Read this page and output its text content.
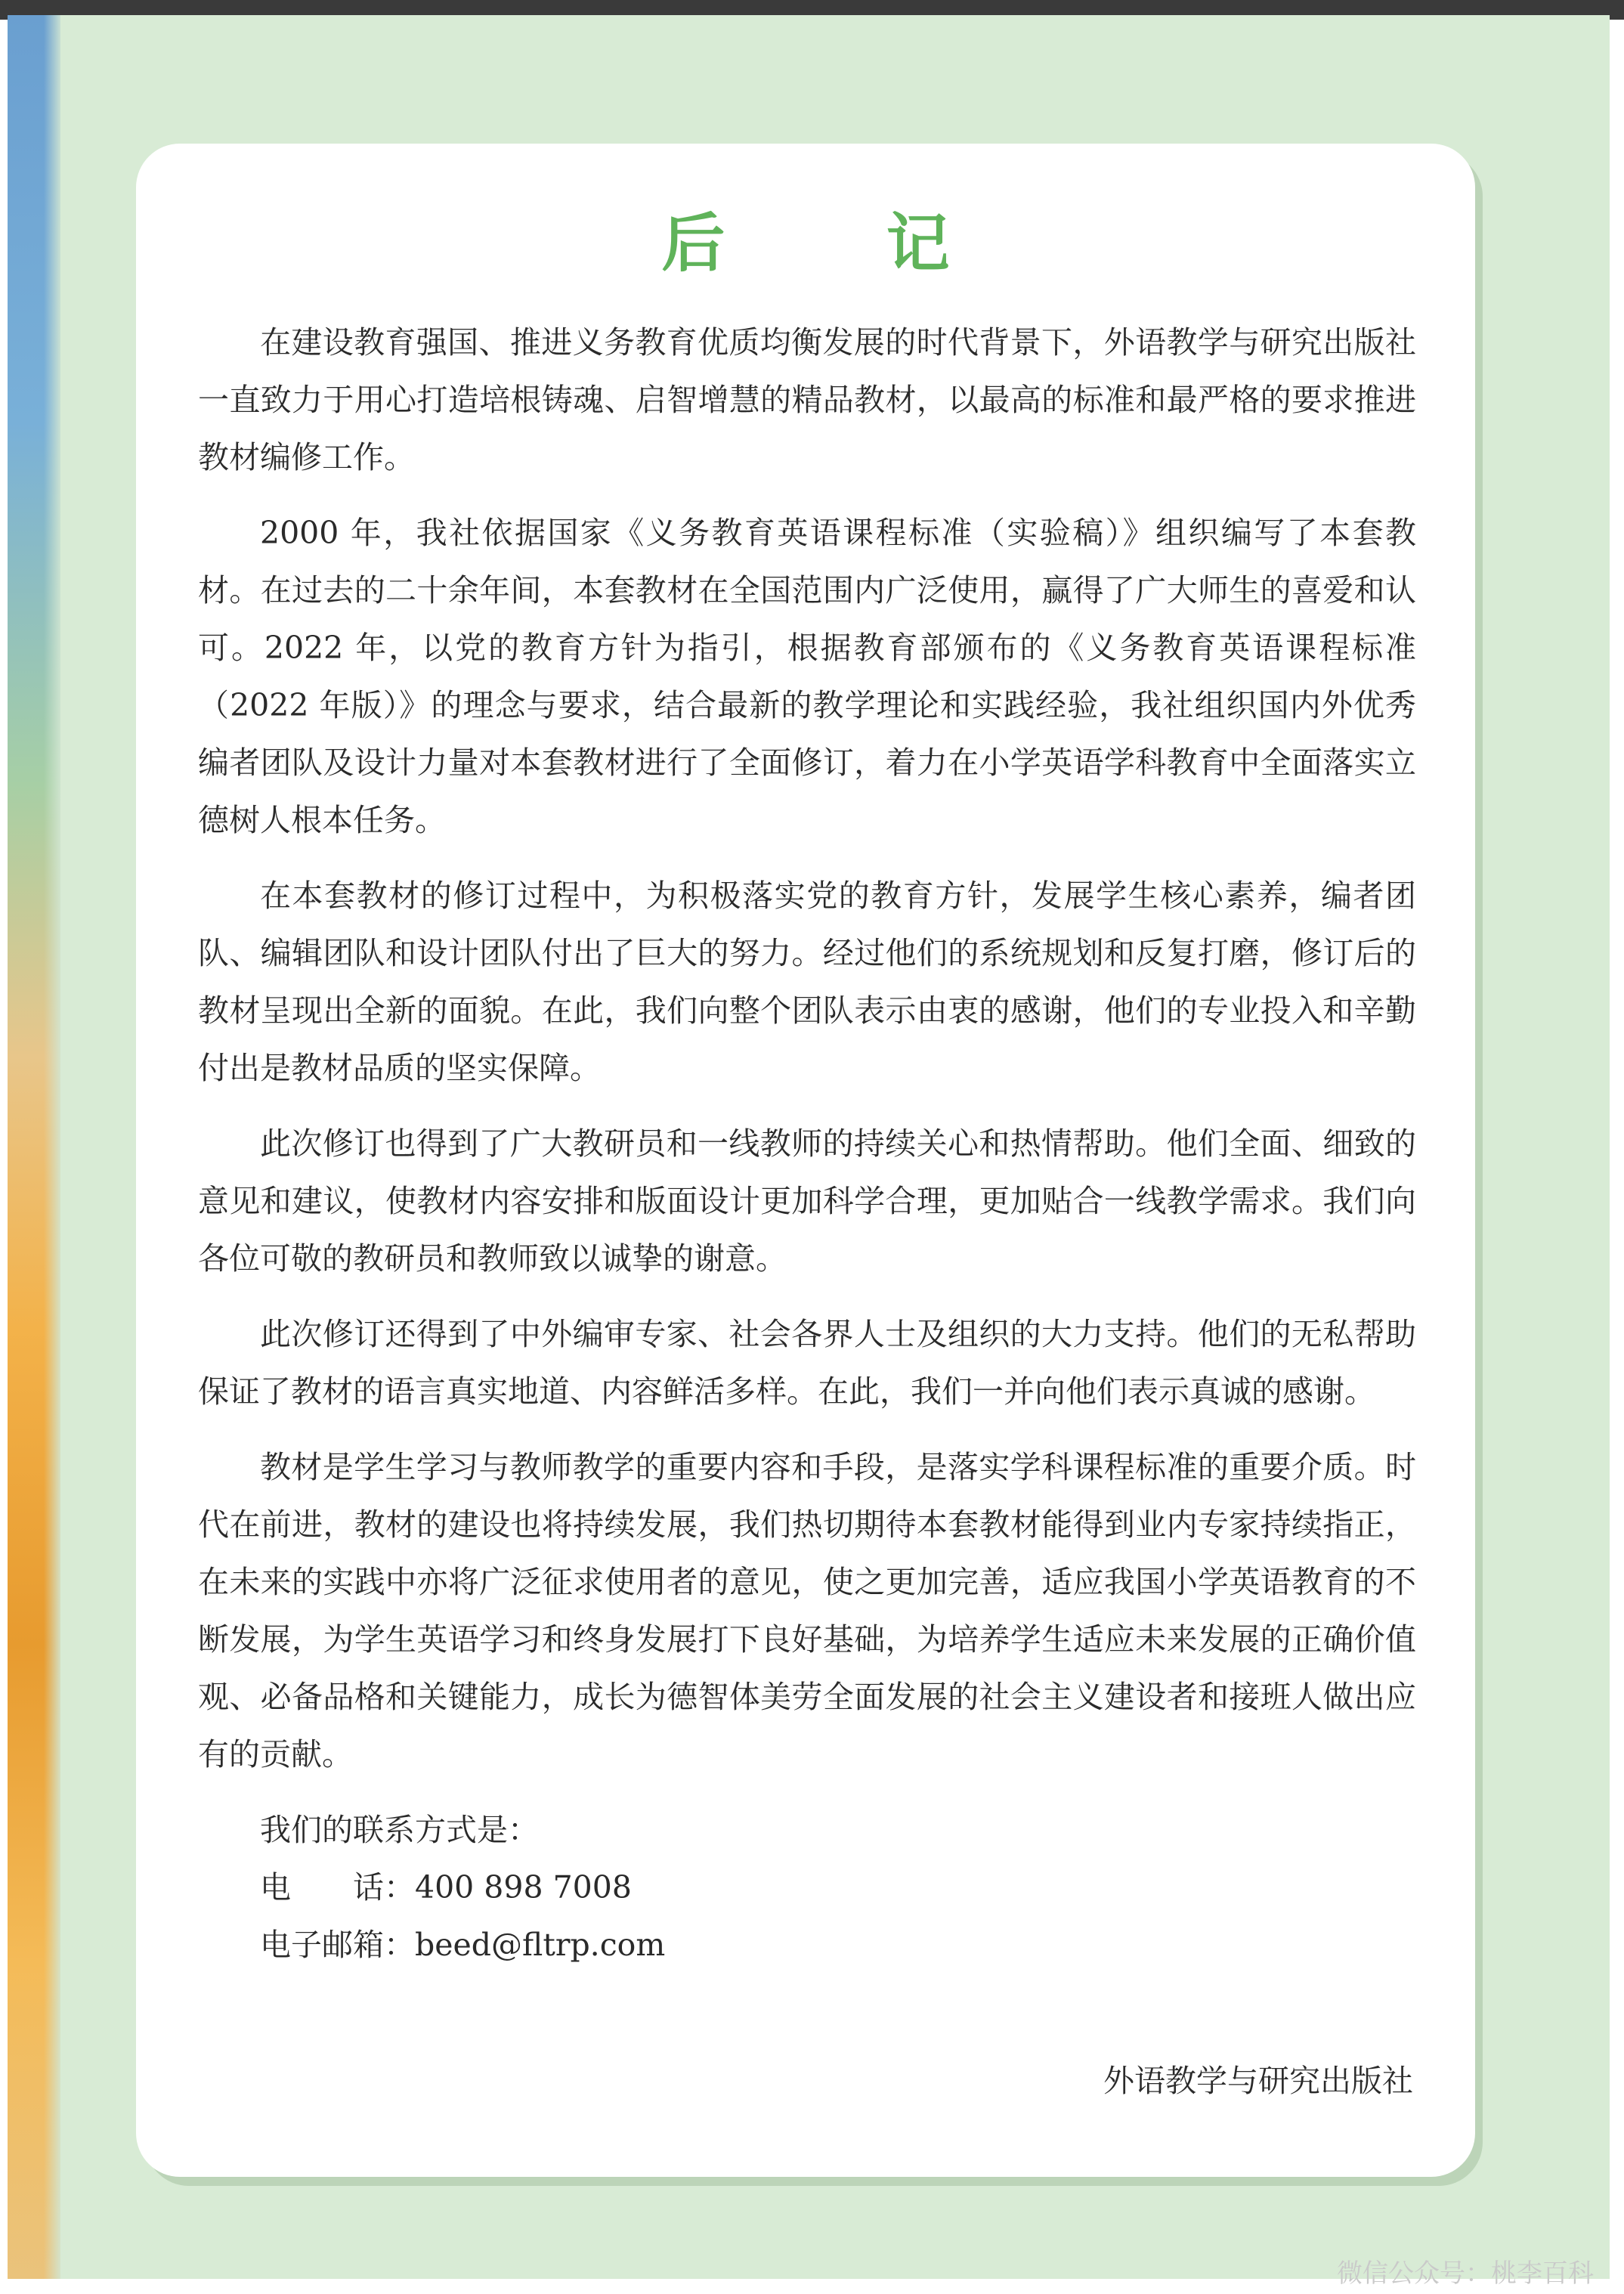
后 记

在建设教育强国、推进义务教育优质均衡发展的时代背景下，外语教学与研究出版社一直致力于用心打造培根铸魂、启智增慧的精品教材，以最高的标准和最严格的要求推进教材编修工作。

2000 年，我社依据国家《义务教育英语课程标准（实验稿）》组织编写了本套教材。在过去的二十余年间，本套教材在全国范围内广泛使用，赢得了广大师生的喜爱和认可。2022 年，以党的教育方针为指引，根据教育部颁布的《义务教育英语课程标准（2022 年版）》的理念与要求，结合最新的教学理论和实践经验，我社组织国内外优秀编者团队及设计力量对本套教材进行了全面修订，着力在小学英语学科教育中全面落实立德树人根本任务。

在本套教材的修订过程中，为积极落实党的教育方针，发展学生核心素养，编者团队、编辑团队和设计团队付出了巨大的努力。经过他们的系统规划和反复打磨，修订后的教材呈现出全新的面貌。在此，我们向整个团队表示由衷的感谢，他们的专业投入和辛勤付出是教材品质的坚实保障。

此次修订也得到了广大教研员和一线教师的持续关心和热情帮助。他们全面、细致的意见和建议，使教材内容安排和版面设计更加科学合理，更加贴合一线教学需求。我们向各位可敬的教研员和教师致以诚挚的谢意。

此次修订还得到了中外编审专家、社会各界人士及组织的大力支持。他们的无私帮助保证了教材的语言真实地道、内容鲜活多样。在此，我们一并向他们表示真诚的感谢。

教材是学生学习与教师教学的重要内容和手段，是落实学科课程标准的重要介质。时代在前进，教材的建设也将持续发展，我们热切期待本套教材能得到业内专家持续指正，在未来的实践中亦将广泛征求使用者的意见，使之更加完善，适应我国小学英语教育的不断发展，为学生英语学习和终身发展打下良好基础，为培养学生适应未来发展的正确价值观、必备品格和关键能力，成长为德智体美劳全面发展的社会主义建设者和接班人做出应有的贡献。

我们的联系方式是：
电　　话：400 898 7008
电子邮箱：beed@fltrp.com
外语教学与研究出版社
微信公众号：桃李百科
